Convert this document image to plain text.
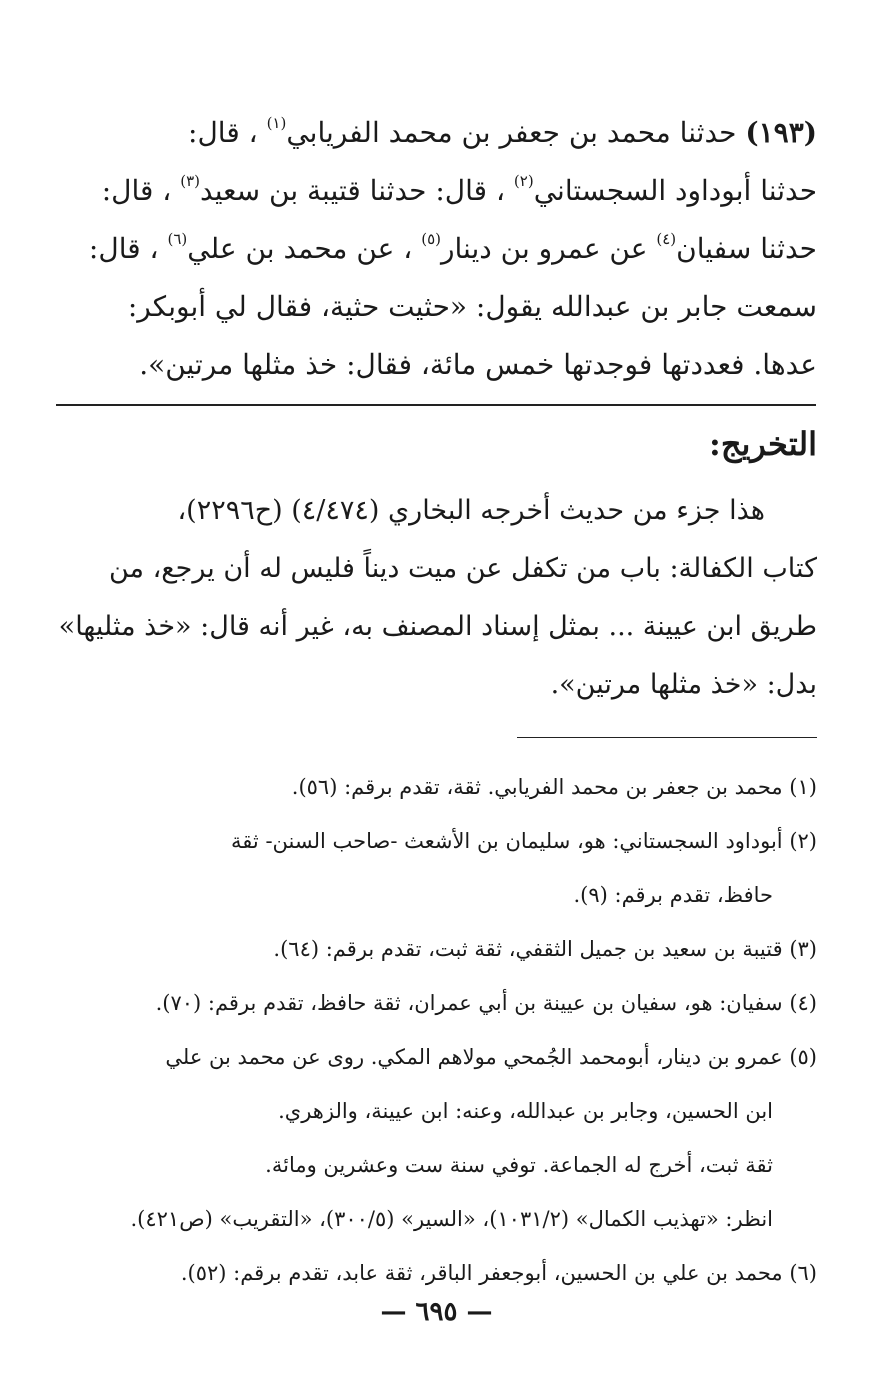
(١٩٣) حدثنا محمد بن جعفر بن محمد الفريابي$^{(١)}$ ، قال:
حدثنا أبوداود السجستاني$^{(٢)}$ ، قال: حدثنا قتيبة بن سعيد$^{(٣)}$ ، قال:
حدثنا سفيان$^{(٤)}$ عن عمرو بن دينار$^{(٥)}$ ، عن محمد بن علي$^{(٦)}$ ، قال:
سمعت جابر بن عبدالله يقول: «حثيت حثية، فقال لي أبوبكر:
عدها. فعددتها فوجدتها خمس مائة، فقال: خذ مثلها مرتين».
التخريج:
هذا جزء من حديث أخرجه البخاري (٤/٤٧٤) (ح٢٢٩٦)،
كتاب الكفالة: باب من تكفل عن ميت ديناً فليس له أن يرجع، من
طريق ابن عيينة ... بمثل إسناد المصنف به، غير أنه قال: «خذ مثليها»
بدل: «خذ مثلها مرتين».
(١) محمد بن جعفر بن محمد الفريابي. ثقة، تقدم برقم: (٥٦).
(٢) أبوداود السجستاني: هو، سليمان بن الأشعث -صاحب السنن- ثقة
حافظ، تقدم برقم: (٩).
(٣) قتيبة بن سعيد بن جميل الثقفي، ثقة ثبت، تقدم برقم: (٦٤).
(٤) سفيان: هو، سفيان بن عيينة بن أبي عمران، ثقة حافظ، تقدم برقم: (٧٠).
(٥) عمرو بن دينار، أبومحمد الجُمحي مولاهم المكي. روى عن محمد بن علي
ابن الحسين، وجابر بن عبدالله، وعنه: ابن عيينة، والزهري.
ثقة ثبت، أخرج له الجماعة. توفي سنة ست وعشرين ومائة.
انظر: «تهذيب الكمال» (١٠٣١/٢)، «السير» (٣٠٠/٥)، «التقريب» (ص٤٢١).
(٦) محمد بن علي بن الحسين، أبوجعفر الباقر، ثقة عابد، تقدم برقم: (٥٢).
— ٦٩٥ —
